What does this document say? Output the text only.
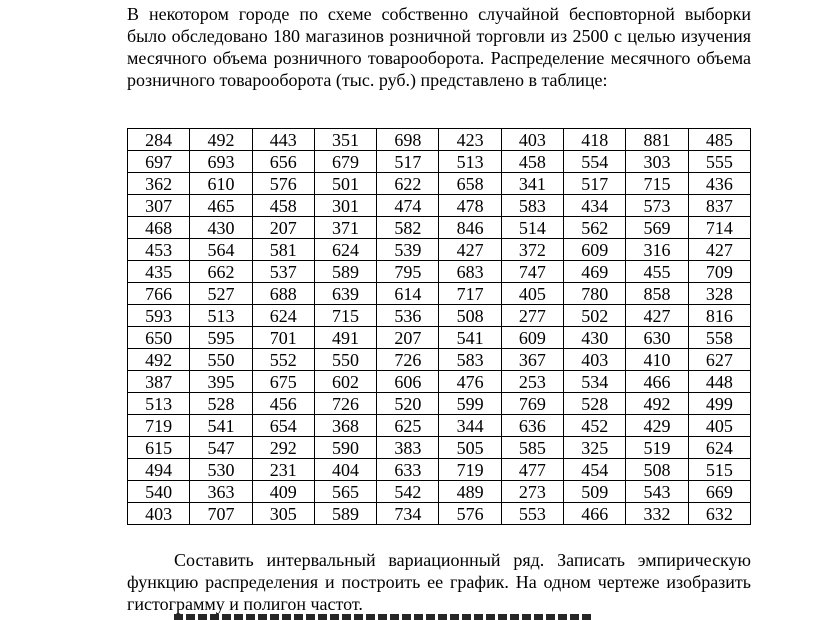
В некотором городе по схеме собственно случайной бесповторной выборки было обследовано 180 магазинов розничной торговли из 2500 с целью изучения месячного объема розничного товарооборота. Распределение месячного объема розничного товарооборота (тыс. руб.) представлено в таблице:

284	492	443	351	698	423	403	418	881	485
697	693	656	679	517	513	458	554	303	555
362	610	576	501	622	658	341	517	715	436
307	465	458	301	474	478	583	434	573	837
468	430	207	371	582	846	514	562	569	714
453	564	581	624	539	427	372	609	316	427
435	662	537	589	795	683	747	469	455	709
766	527	688	639	614	717	405	780	858	328
593	513	624	715	536	508	277	502	427	816
650	595	701	491	207	541	609	430	630	558
492	550	552	550	726	583	367	403	410	627
387	395	675	602	606	476	253	534	466	448
513	528	456	726	520	599	769	528	492	499
719	541	654	368	625	344	636	452	429	405
615	547	292	590	383	505	585	325	519	624
494	530	231	404	633	719	477	454	508	515
540	363	409	565	542	489	273	509	543	669
403	707	305	589	734	576	553	466	332	632

Составить интервальный вариационный ряд. Записать эмпирическую функцию распределения и построить ее график. На одном чертеже изобразить гистограмму и полигон частот.
